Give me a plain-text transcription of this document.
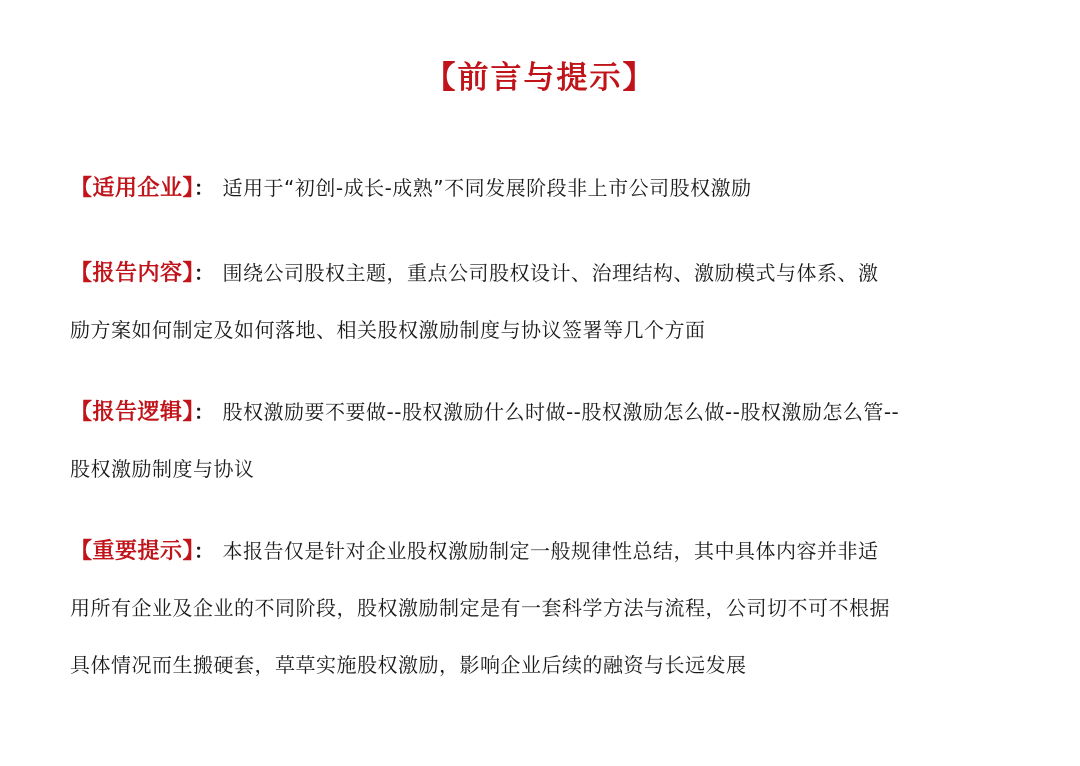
【前言与提示】
【适用企业】： 适用于“初创-成长-成熟”不同发展阶段非上市公司股权激励
【报告内容】： 围绕公司股权主题，重点公司股权设计、治理结构、激励模式与体系、激
励方案如何制定及如何落地、相关股权激励制度与协议签署等几个方面
【报告逻辑】： 股权激励要不要做--股权激励什么时做--股权激励怎么做--股权激励怎么管--
股权激励制度与协议
【重要提示】： 本报告仅是针对企业股权激励制定一般规律性总结，其中具体内容并非适
用所有企业及企业的不同阶段，股权激励制定是有一套科学方法与流程，公司切不可不根据
具体情况而生搬硬套，草草实施股权激励，影响企业后续的融资与长远发展
